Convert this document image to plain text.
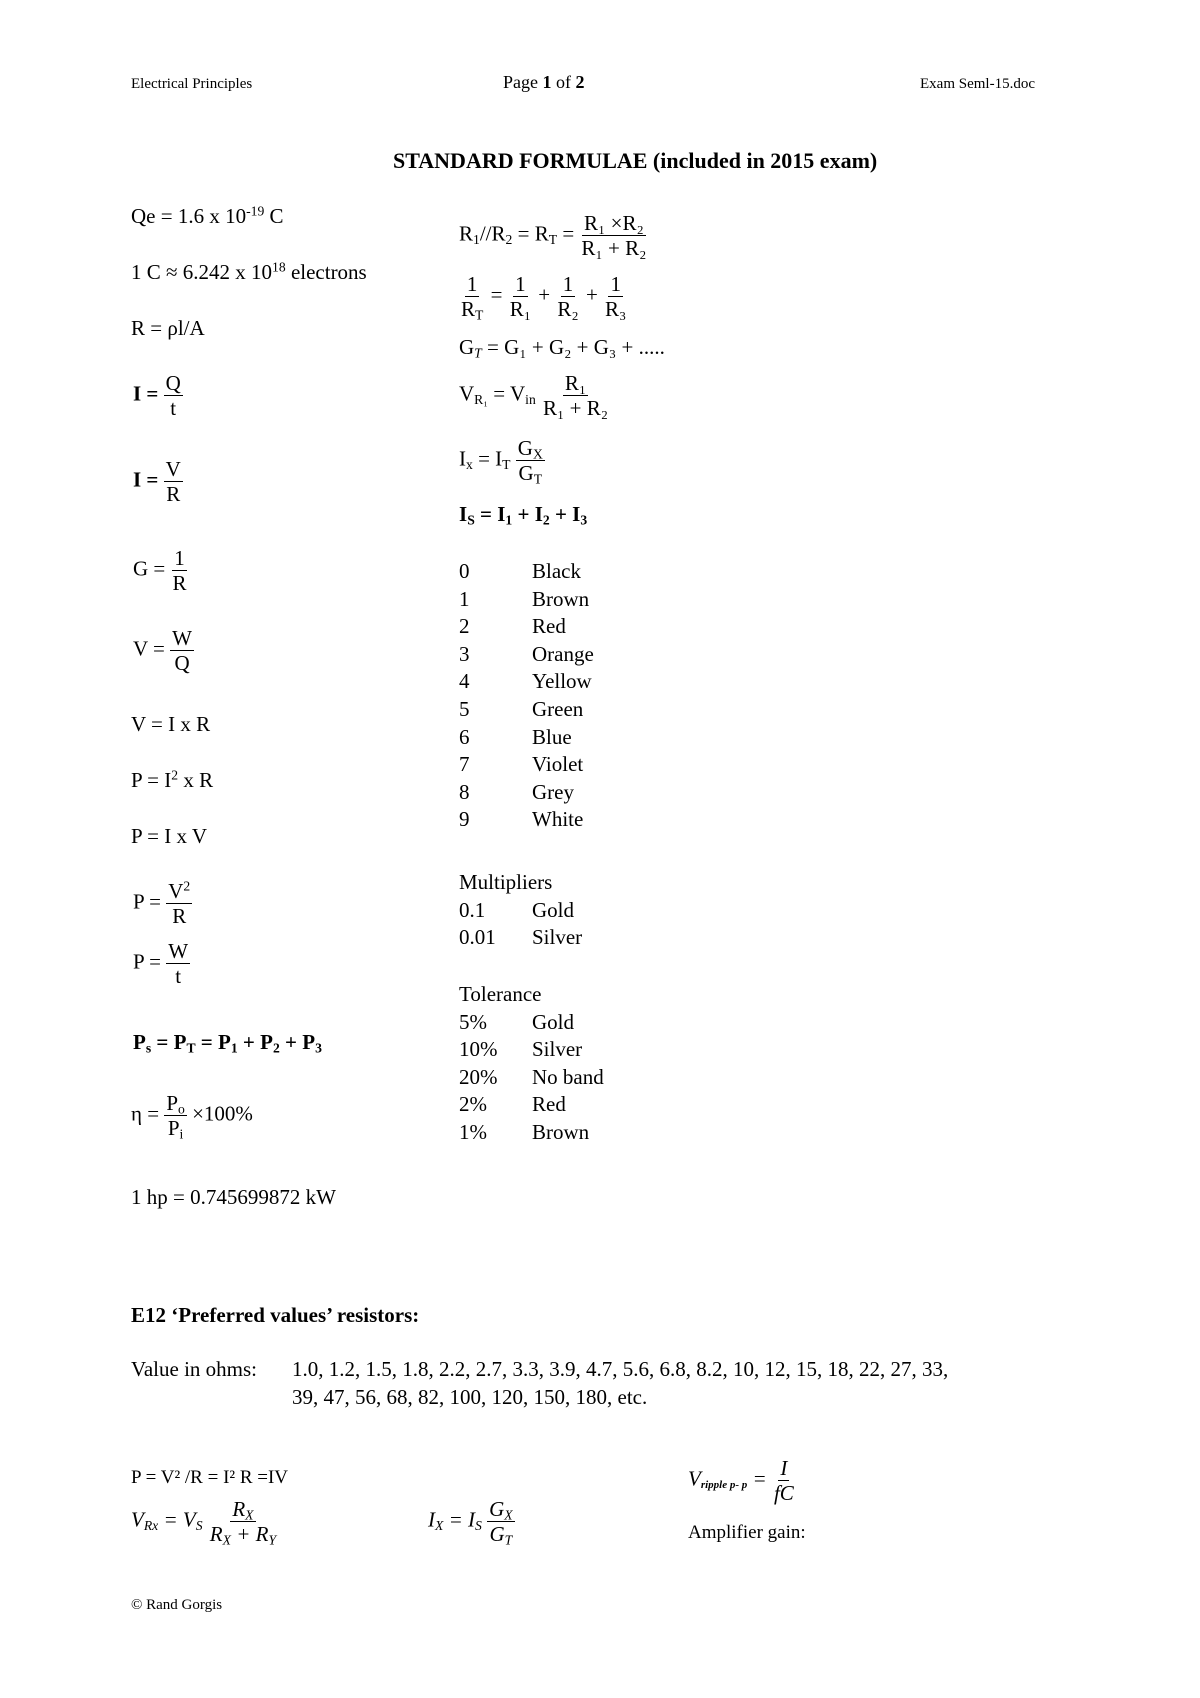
Electrical Principles	Page 1 of 2	Exam Seml-15.doc
STANDARD FORMULAE (included in 2015 exam)
Qe = 1.6 x $10^{-19}$ C
1 C ≈ 6.242 x $10^{18}$ electrons
R = ρl/A
$I = \frac{Q}{t}$
$I = \frac{V}{R}$
$G = \frac{1}{R}$
$V = \frac{W}{Q}$
V = I x R
$P = I^2$ x R
P = I x V
$P = \frac{V^2}{R}$
$P = \frac{W}{t}$
$P_s = P_T = P_1 + P_2 + P_3$
$\eta = \frac{P_o}{P_i} \times 100\%$
1 hp = 0.745699872 kW
$R_1//R_2 = R_T = \frac{\text{R₁ ×R₂}}{\text{R₁ + R₂}}$
$\frac{1}{R_T} = \frac{1}{\text{R₁}} + \frac{1}{\text{R₂}} + \frac{1}{\text{R₃}}$
$G_T = G_1 + G_2 + G_3$ + .....
$V_{R_1} = V_{in} \frac{\text{R₁}}{\text{R₁ + R₂}}$
$I_x = I_T \frac{G_X}{G_T}$
$I_S = I_1 + I_2 + I_3$
0	Black
1	Brown
2	Red
3	Orange
4	Yellow
5	Green
6	Blue
7	Violet
8	Grey
9	White
Multipliers
0.1	Gold
0.01	Silver
Tolerance
5%	Gold
10%	Silver
20%	No band
2%	Red
1%	Brown
E12 ‘Preferred values’ resistors:
Value in ohms: 1.0, 1.2, 1.5, 1.8, 2.2, 2.7, 3.3, 3.9, 4.7, 5.6, 6.8, 8.2, 10, 12, 15, 18, 22, 27, 33,
39, 47, 56, 68, 82, 100, 120, 150, 180, etc.
P = V² /R = I² R =IV
$V_{Rx} = V_S \frac{R_X}{R_X + R_Y}$	$I_X = I_S \frac{G_X}{G_T}$
$V_{ripple p- p} = \frac{I}{fC}$
Amplifier gain:
© Rand Gorgis
